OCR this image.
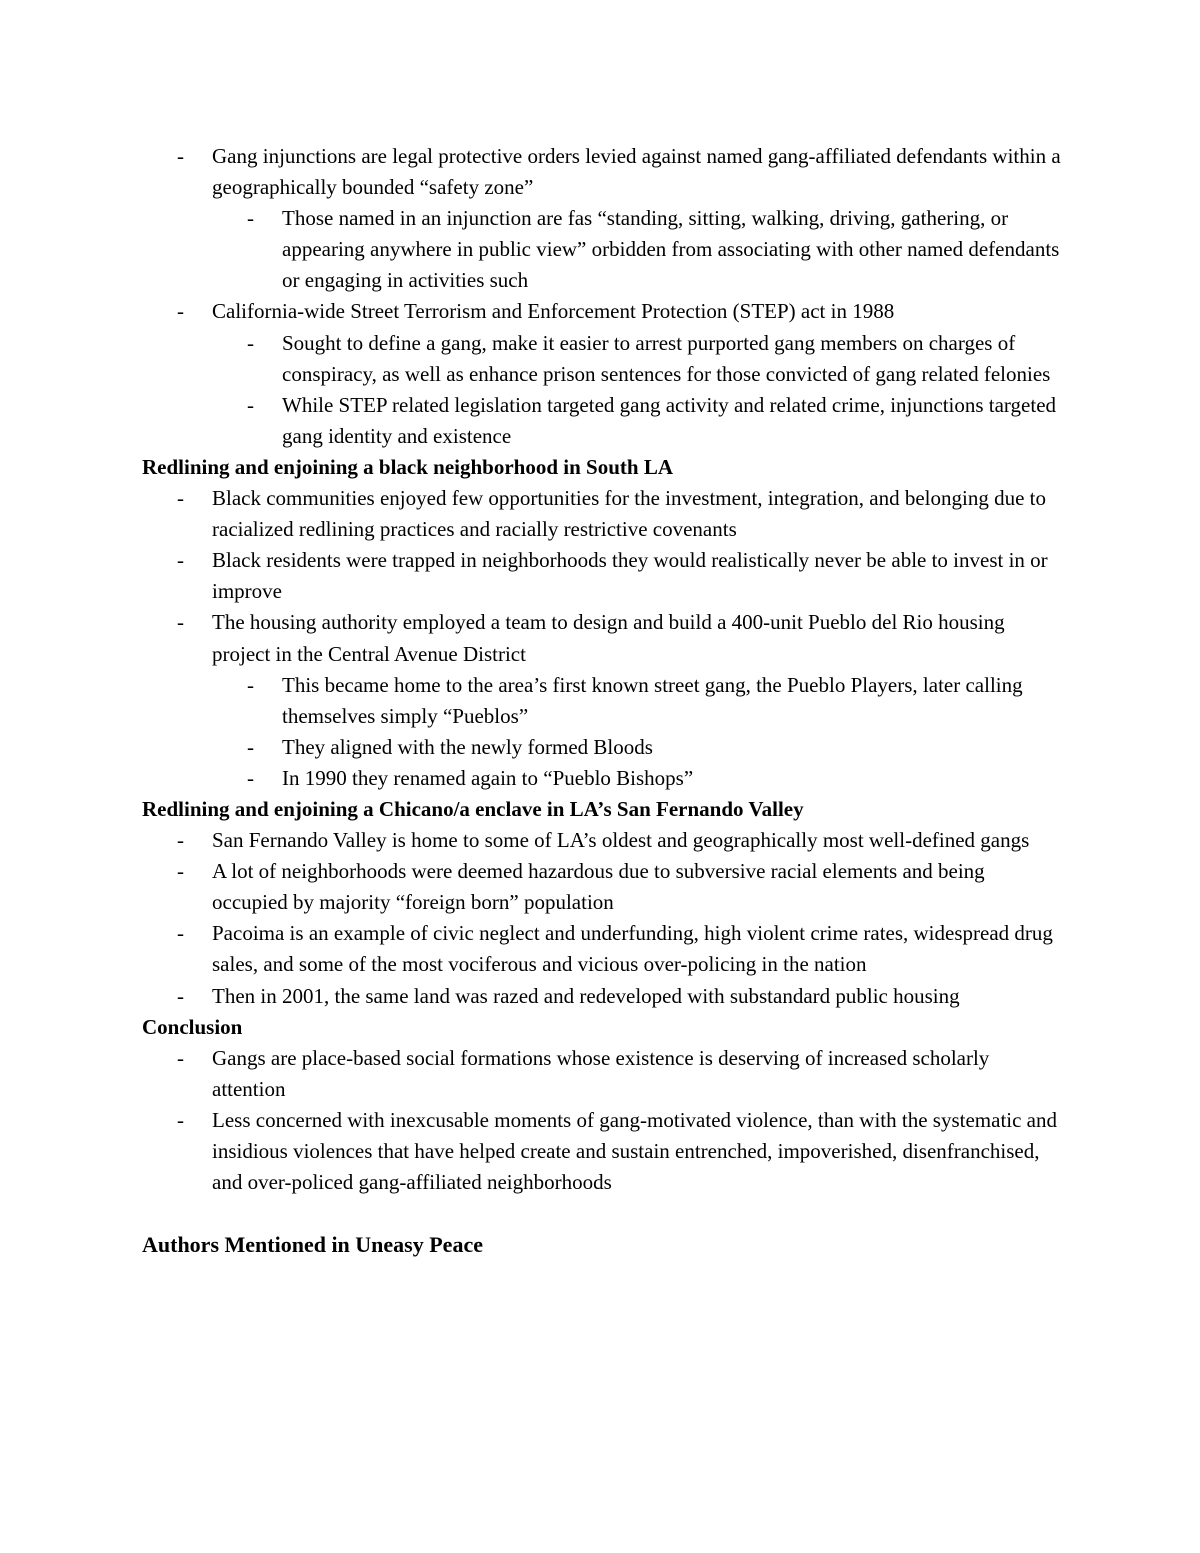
- Gang injunctions are legal protective orders levied against named gang-affiliated defendants within a geographically bounded “safety zone”
- Those named in an injunction are fas “standing, sitting, walking, driving, gathering, or appearing anywhere in public view” orbidden from associating with other named defendants or engaging in activities such
- California-wide Street Terrorism and Enforcement Protection (STEP) act in 1988
- Sought to define a gang, make it easier to arrest purported gang members on charges of conspiracy, as well as enhance prison sentences for those convicted of gang related felonies
- While STEP related legislation targeted gang activity and related crime, injunctions targeted gang identity and existence
Redlining and enjoining a black neighborhood in South LA
- Black communities enjoyed few opportunities for the investment, integration, and belonging due to racialized redlining practices and racially restrictive covenants
- Black residents were trapped in neighborhoods they would realistically never be able to invest in or improve
- The housing authority employed a team to design and build a 400-unit Pueblo del Rio housing project in the Central Avenue District
- This became home to the area’s first known street gang, the Pueblo Players, later calling themselves simply “Pueblos”
- They aligned with the newly formed Bloods
- In 1990 they renamed again to “Pueblo Bishops”
Redlining and enjoining a Chicano/a enclave in LA’s San Fernando Valley
- San Fernando Valley is home to some of LA’s oldest and geographically most well-defined gangs
- A lot of neighborhoods were deemed hazardous due to subversive racial elements and being occupied by majority “foreign born” population
- Pacoima is an example of civic neglect and underfunding, high violent crime rates, widespread drug sales, and some of the most vociferous and vicious over-policing in the nation
- Then in 2001, the same land was razed and redeveloped with substandard public housing
Conclusion
- Gangs are place-based social formations whose existence is deserving of increased scholarly attention
- Less concerned with inexcusable moments of gang-motivated violence, than with the systematic and insidious violences that have helped create and sustain entrenched, impoverished, disenfranchised, and over-policed gang-affiliated neighborhoods
Authors Mentioned in Uneasy Peace
